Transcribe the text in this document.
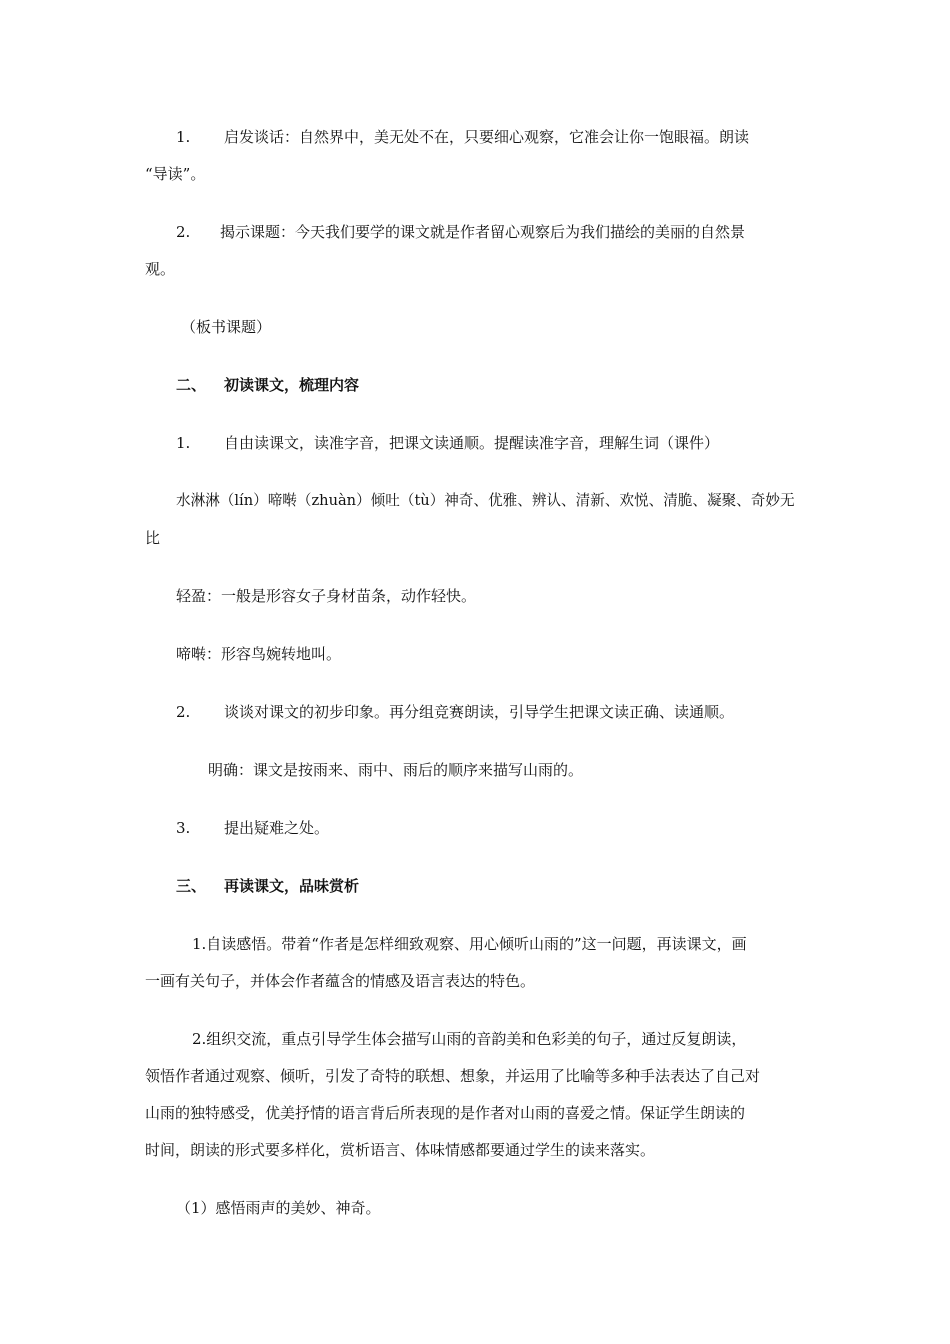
1. 启发谈话：自然界中，美无处不在，只要细心观察，它准会让你一饱眼福。朗读
“导读”。
2. 揭示课题：今天我们要学的课文就是作者留心观察后为我们描绘的美丽的自然景
观。
（板书课题）
二、 初读课文，梳理内容
1. 自由读课文，读准字音，把课文读通顺。提醒读准字音，理解生词（课件）
水淋淋（lín）啼啭（zhuàn）倾吐（tù）神奇、优雅、辨认、清新、欢悦、清脆、凝聚、奇妙无
比
轻盈：一般是形容女子身材苗条，动作轻快。
啼啭：形容鸟婉转地叫。
2. 谈谈对课文的初步印象。再分组竞赛朗读，引导学生把课文读正确、读通顺。
明确：课文是按雨来、雨中、雨后的顺序来描写山雨的。
3. 提出疑难之处。
三、 再读课文，品味赏析
1.自读感悟。带着“作者是怎样细致观察、用心倾听山雨的”这一问题，再读课文，画
一画有关句子，并体会作者蕴含的情感及语言表达的特色。
2.组织交流，重点引导学生体会描写山雨的音韵美和色彩美的句子，通过反复朗读，
领悟作者通过观察、倾听，引发了奇特的联想、想象，并运用了比喻等多种手法表达了自己对
山雨的独特感受，优美抒情的语言背后所表现的是作者对山雨的喜爱之情。保证学生朗读的
时间，朗读的形式要多样化，赏析语言、体味情感都要通过学生的读来落实。
（1）感悟雨声的美妙、神奇。
